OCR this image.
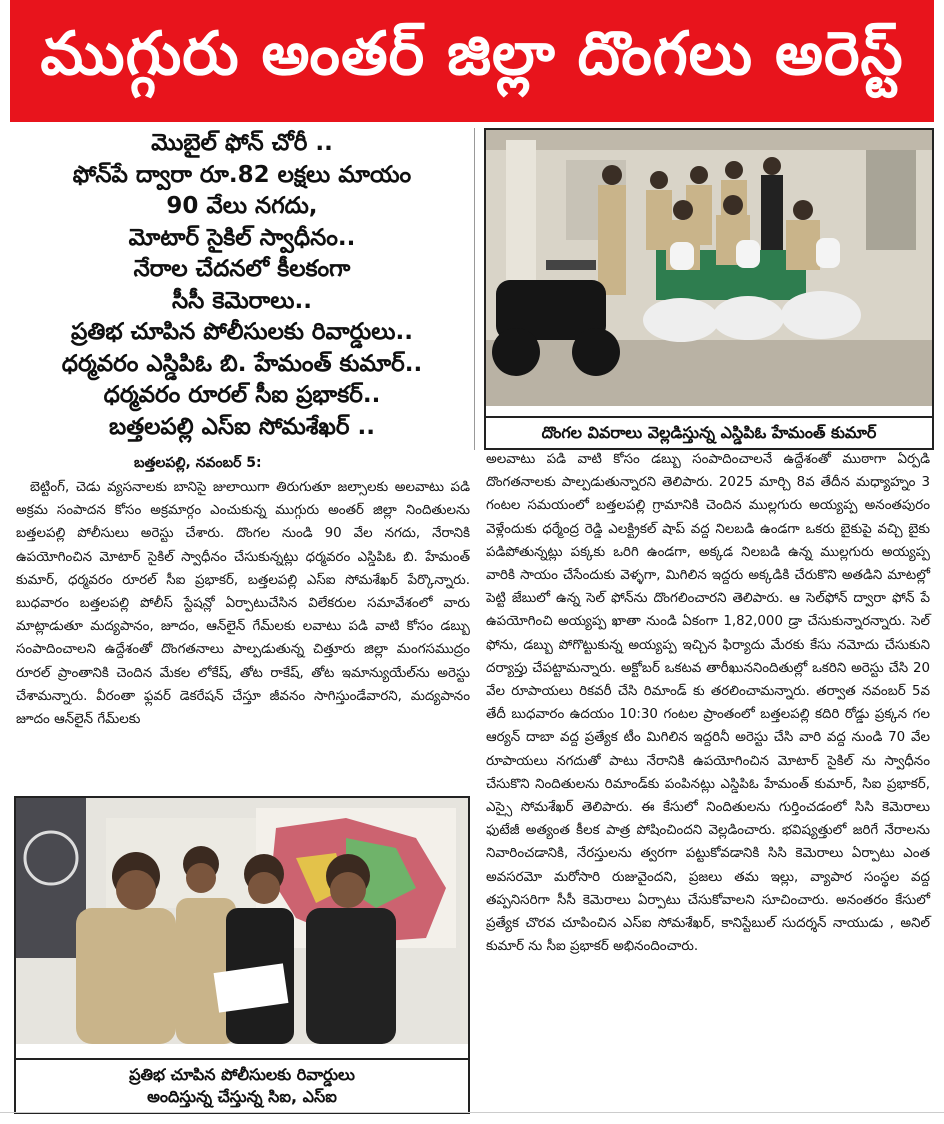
ముగ్గురు అంతర్ జిల్లా దొంగలు అరెస్ట్
మొబైల్ ఫోన్ చోరీ ..
ఫోన్‌పే ద్వారా రూ.82 లక్షలు మాయం
90 వేలు నగదు,
మోటార్ సైకిల్ స్వాధీనం..
నేరాల చేదనలో కీలకంగా
సీసీ కెమెరాలు..
ప్రతిభ చూపిన పోలీసులకు రివార్డులు..
ధర్మవరం ఎస్డిపిఓ బి. హేమంత్ కుమార్..
ధర్మవరం రూరల్ సీఐ ప్రభాకర్..
బత్తలపల్లి ఎస్ఐ సోమశేఖర్ ..	దొంగల వివరాలు వెల్లడిస్తున్న ఎస్డిపిఓ హేమంత్ కుమార్
బత్తలపల్లి, నవంబర్ 5:

బెట్టింగ్, చెడు వ్యసనాలకు బానిసై జులాయిగా తిరుగుతూ జల్సాలకు అలవాటు పడి అక్రమ సంపాదన కోసం అక్రమార్గం ఎంచుకున్న ముగ్గురు అంతర్ జిల్లా నిందితులను బత్తలపల్లి పోలీసులు అరెస్టు చేశారు. దొంగల నుండి 90 వేల నగదు, నేరానికి ఉపయోగించిన మోటార్ సైకిల్ స్వాధీనం చేసుకున్నట్లు ధర్మవరం ఎస్డిపిఓ బి. హేమంత్ కుమార్, ధర్మవరం రూరల్ సీఐ ప్రభాకర్, బత్తలపల్లి ఎస్ఐ సోమశేఖర్ పేర్కొన్నారు. బుధవారం బత్తలపల్లి పోలీస్ స్టేషన్లో ఏర్పాటుచేసిన విలేకరుల సమావేశంలో వారు మాట్లాడుతూ మద్యపానం, జూదం, ఆన్‌లైన్ గేమ్‌లకు లవాటు పడి వాటి కోసం డబ్బు సంపాదించాలని ఉద్దేశంతో దొంగతనాలు పాల్పడుతున్న చిత్తూరు జిల్లా మంగసముద్రం రూరల్ ప్రాంతానికి చెందిన మేకల లోకేష్, తోట రాకేష్, తోట ఇమాన్యుయేల్‌ను అరెస్టు చేశామన్నారు. వీరంతా ఫ్లవర్ డెకరేషన్ చేస్తూ జీవనం సాగిస్తుండేవారని, మద్యపానం జూదం ఆన్‌లైన్ గేమ్‌లకు

అలవాటు పడి వాటి కోసం డబ్బు సంపాదించాలనే ఉద్దేశంతో ముఠాగా ఏర్పడి దొంగతనాలకు పాల్పడుతున్నారని తెలిపారు. 2025 మార్చి 8వ తేదీన మధ్యాహ్నం 3 గంటల సమయంలో బత్తలపల్లి గ్రామానికి చెందిన ముల్లగురు అయ్యప్ప అనంతపురం వెళ్లేందుకు ధర్మేంద్ర రెడ్డి ఎలక్ట్రికల్ షాప్ వద్ద నిలబడి ఉండగా ఒకరు బైకుపై వచ్చి బైకు పడిపోతున్నట్లు పక్కకు ఒరిగి ఉండగా, అక్కడ నిలబడి ఉన్న ముల్లగురు అయ్యప్ప వారికి సాయం చేసేందుకు వెళ్ళగా, మిగిలిన ఇద్దరు అక్కడికి చేరుకొని అతడిని మాటల్లో పెట్టి జేబులో ఉన్న సెల్ ఫోన్‌ను దొంగలించారని తెలిపారు. ఆ సెల్‌ఫోన్ ద్వారా ఫోన్ పే ఉపయోగించి అయ్యప్ప ఖాతా నుండి ఏకంగా 1,82,000 డ్రా చేసుకున్నారన్నారు. సెల్ ఫోను, డబ్బు పోగొట్టుకున్న అయ్యప్ప ఇచ్చిన ఫిర్యాదు మేరకు కేసు నమోదు చేసుకుని దర్యాప్తు చేపట్టామన్నారు. అక్టోబర్ ఒకటవ తారీఖుననిందితుల్లో ఒకరిని అరెస్టు చేసి 20 వేల రూపాయలు రికవరీ చేసి రిమాండ్ కు తరలించామన్నారు. తర్వాత నవంబర్ 5వ తేదీ బుధవారం ఉదయం 10:30 గంటల ప్రాంతంలో బత్తలపల్లి కదిరి రోడ్డు ప్రక్కన గల ఆర్యన్ దాబా వద్ద ప్రత్యేక టీం మిగిలిన ఇద్దరినీ అరెస్టు చేసి వారి వద్ద నుండి 70 వేల రూపాయలు నగదుతో పాటు నేరానికి ఉపయోగించిన మోటార్ సైకిల్ ను స్వాధీనం చేసుకొని నిందితులను రిమాండ్‌కు పంపినట్లు ఎస్డిపిఓ హేమంత్ కుమార్, సిఐ ప్రభాకర్, ఎస్సై సోమశేఖర్ తెలిపారు. ఈ కేసులో నిందితులను గుర్తించడంలో సిసి కెమెరాలు ఫుటేజీ అత్యంత కీలక పాత్ర పోషించిందని వెల్లడించారు. భవిష్యత్తులో జరిగే నేరాలను నివారించడానికి, నేరస్తులను త్వరగా పట్టుకోవడానికి సిసి కెమెరాలు ఏర్పాటు ఎంత అవసరమో మరోసారి రుజువైందని, ప్రజలు తమ ఇల్లు, వ్యాపార సంస్థల వద్ద తప్పనిసరిగా సీసీ కెమెరాలు ఏర్పాటు చేసుకోవాలని సూచించారు. అనంతరం కేసులో ప్రత్యేక చొరవ చూపించిన ఎస్ఐ సోమశేఖర్, కానిస్టేబుల్ సుదర్శన్ నాయుడు , అనిల్ కుమార్ ను సీఐ ప్రభాకర్ అభినందించారు.

ప్రతిభ చూపిన పోలీసులకు రివార్డులు
అందిస్తున్న చేస్తున్న సిఐ, ఎస్ఐ
